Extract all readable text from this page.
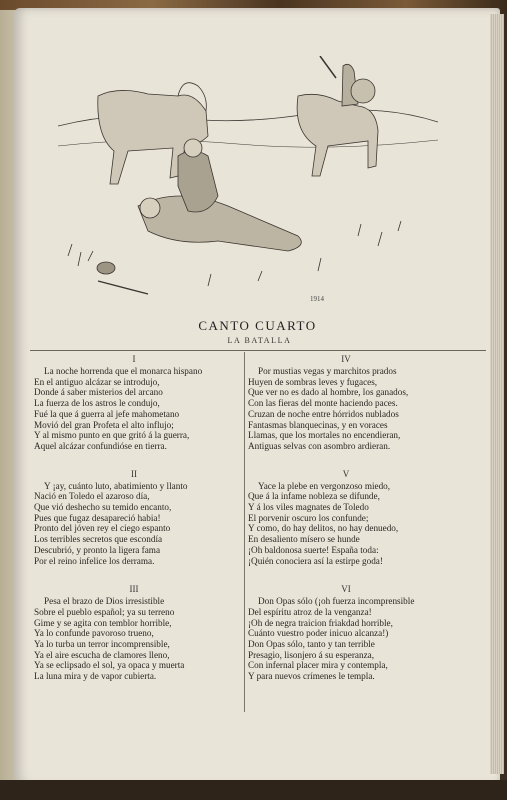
1914
CANTO CUARTO
LA BATALLA
I
La noche horrenda que el monarca hispano
En el antiguo alcázar se introdujo,
Donde á saber misterios del arcano
La fuerza de los astros le condujo,
Fué la que á guerra al jefe mahometano
Movió del gran Profeta el alto influjo;
Y al mismo punto en que gritó á la guerra,
Aquel alcázar confundióse en tierra.
II
Y ¡ay, cuánto luto, abatimiento y llanto
Nació en Toledo el azaroso día,
Que vió deshecho su temido encanto,
Pues que fugaz desapareció habia!
Pronto del jóven rey el ciego espanto
Los terribles secretos que escondía
Descubrió, y pronto la ligera fama
Por el reino infelice los derrama.
III
Pesa el brazo de Dios irresistible
Sobre el pueblo español; ya su terreno
Gime y se agita con temblor horrible,
Ya lo confunde pavoroso trueno,
Ya lo turba un terror incomprensible,
Ya el aire escucha de clamores lleno,
Ya se eclipsado el sol, ya opaca y muerta
La luna mira y de vapor cubierta.
IV
Por mustias vegas y marchitos prados
Huyen de sombras leves y fugaces,
Que ver no es dado al hombre, los ganados,
Con las fieras del monte haciendo paces.
Cruzan de noche entre hórridos nublados
Fantasmas blanquecinas, y en voraces
Llamas, que los mortales no encendieran,
Antiguas selvas con asombro ardieran.
V
Yace la plebe en vergonzoso miedo,
Que á la infame nobleza se difunde,
Y á los viles magnates de Toledo
El porvenir oscuro los confunde;
Y como, do hay delitos, no hay denuedo,
En desaliento mísero se hunde
¡Oh baldonosa suerte! España toda:
¡Quién conociera así la estirpe goda!
VI
Don Opas sólo (¡oh fuerza incomprensible
Del espíritu atroz de la venganza!
¡Oh de negra traicion friakdad horrible,
Cuánto vuestro poder inicuo alcanza!)
Don Opas sólo, tanto y tan terrible
Presagio, lisonjero á su esperanza,
Con infernal placer mira y contempla,
Y para nuevos crímenes le templa.
